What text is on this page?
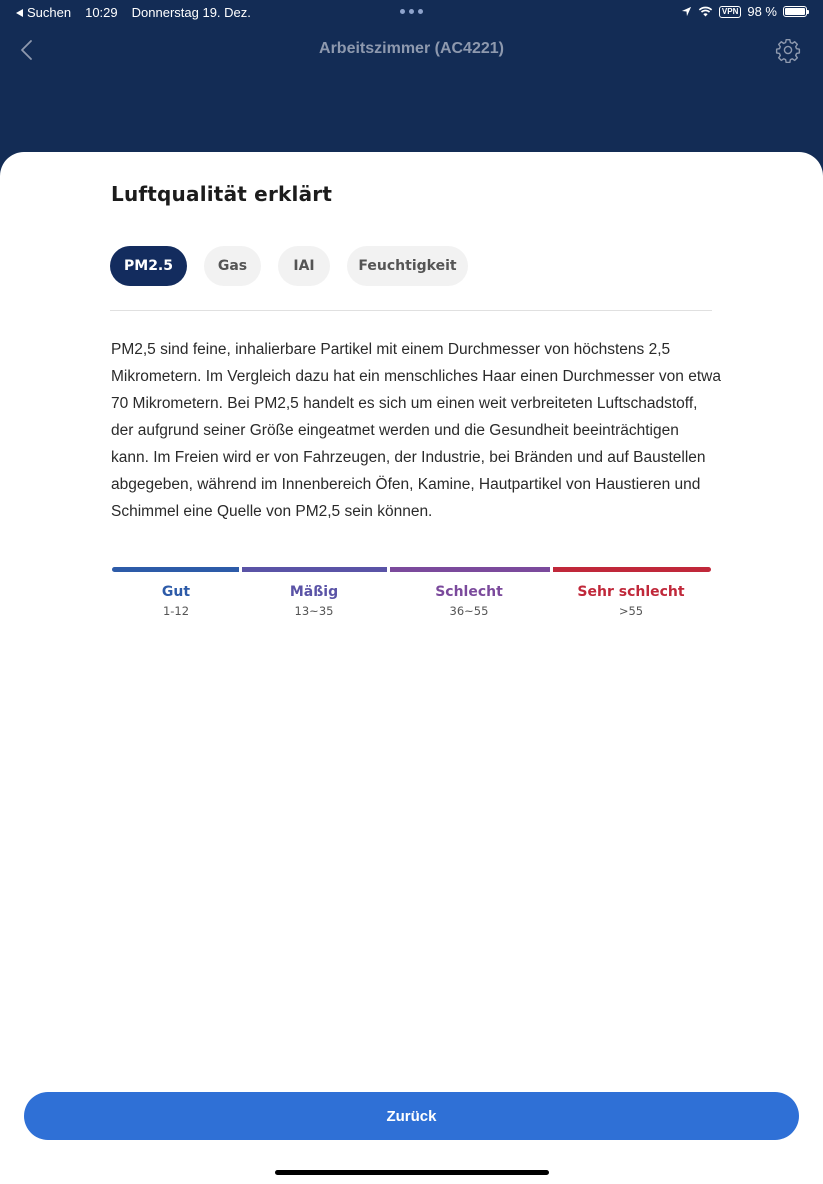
Suchen 10:29 Donnerstag 19. Dez.	VPN 98 %
Arbeitszimmer (AC4221)
Luftqualität erklärt
PM2.5	Gas	IAI	Feuchtigkeit

PM2,5 sind feine, inhalierbare Partikel mit einem Durchmesser von höchstens 2,5 Mikrometern. Im Vergleich dazu hat ein menschliches Haar einen Durchmesser von etwa 70 Mikrometern. Bei PM2,5 handelt es sich um einen weit verbreiteten Luftschadstoff, der aufgrund seiner Größe eingeatmet werden und die Gesundheit beeinträchtigen kann. Im Freien wird er von Fahrzeugen, der Industrie, bei Bränden und auf Baustellen abgegeben, während im Innenbereich Öfen, Kamine, Hautpartikel von Haustieren und Schimmel eine Quelle von PM2,5 sein können.

Gut
1-12
Mäßig
13~35
Schlecht
36~55
Sehr schlecht
>55
Zurück
